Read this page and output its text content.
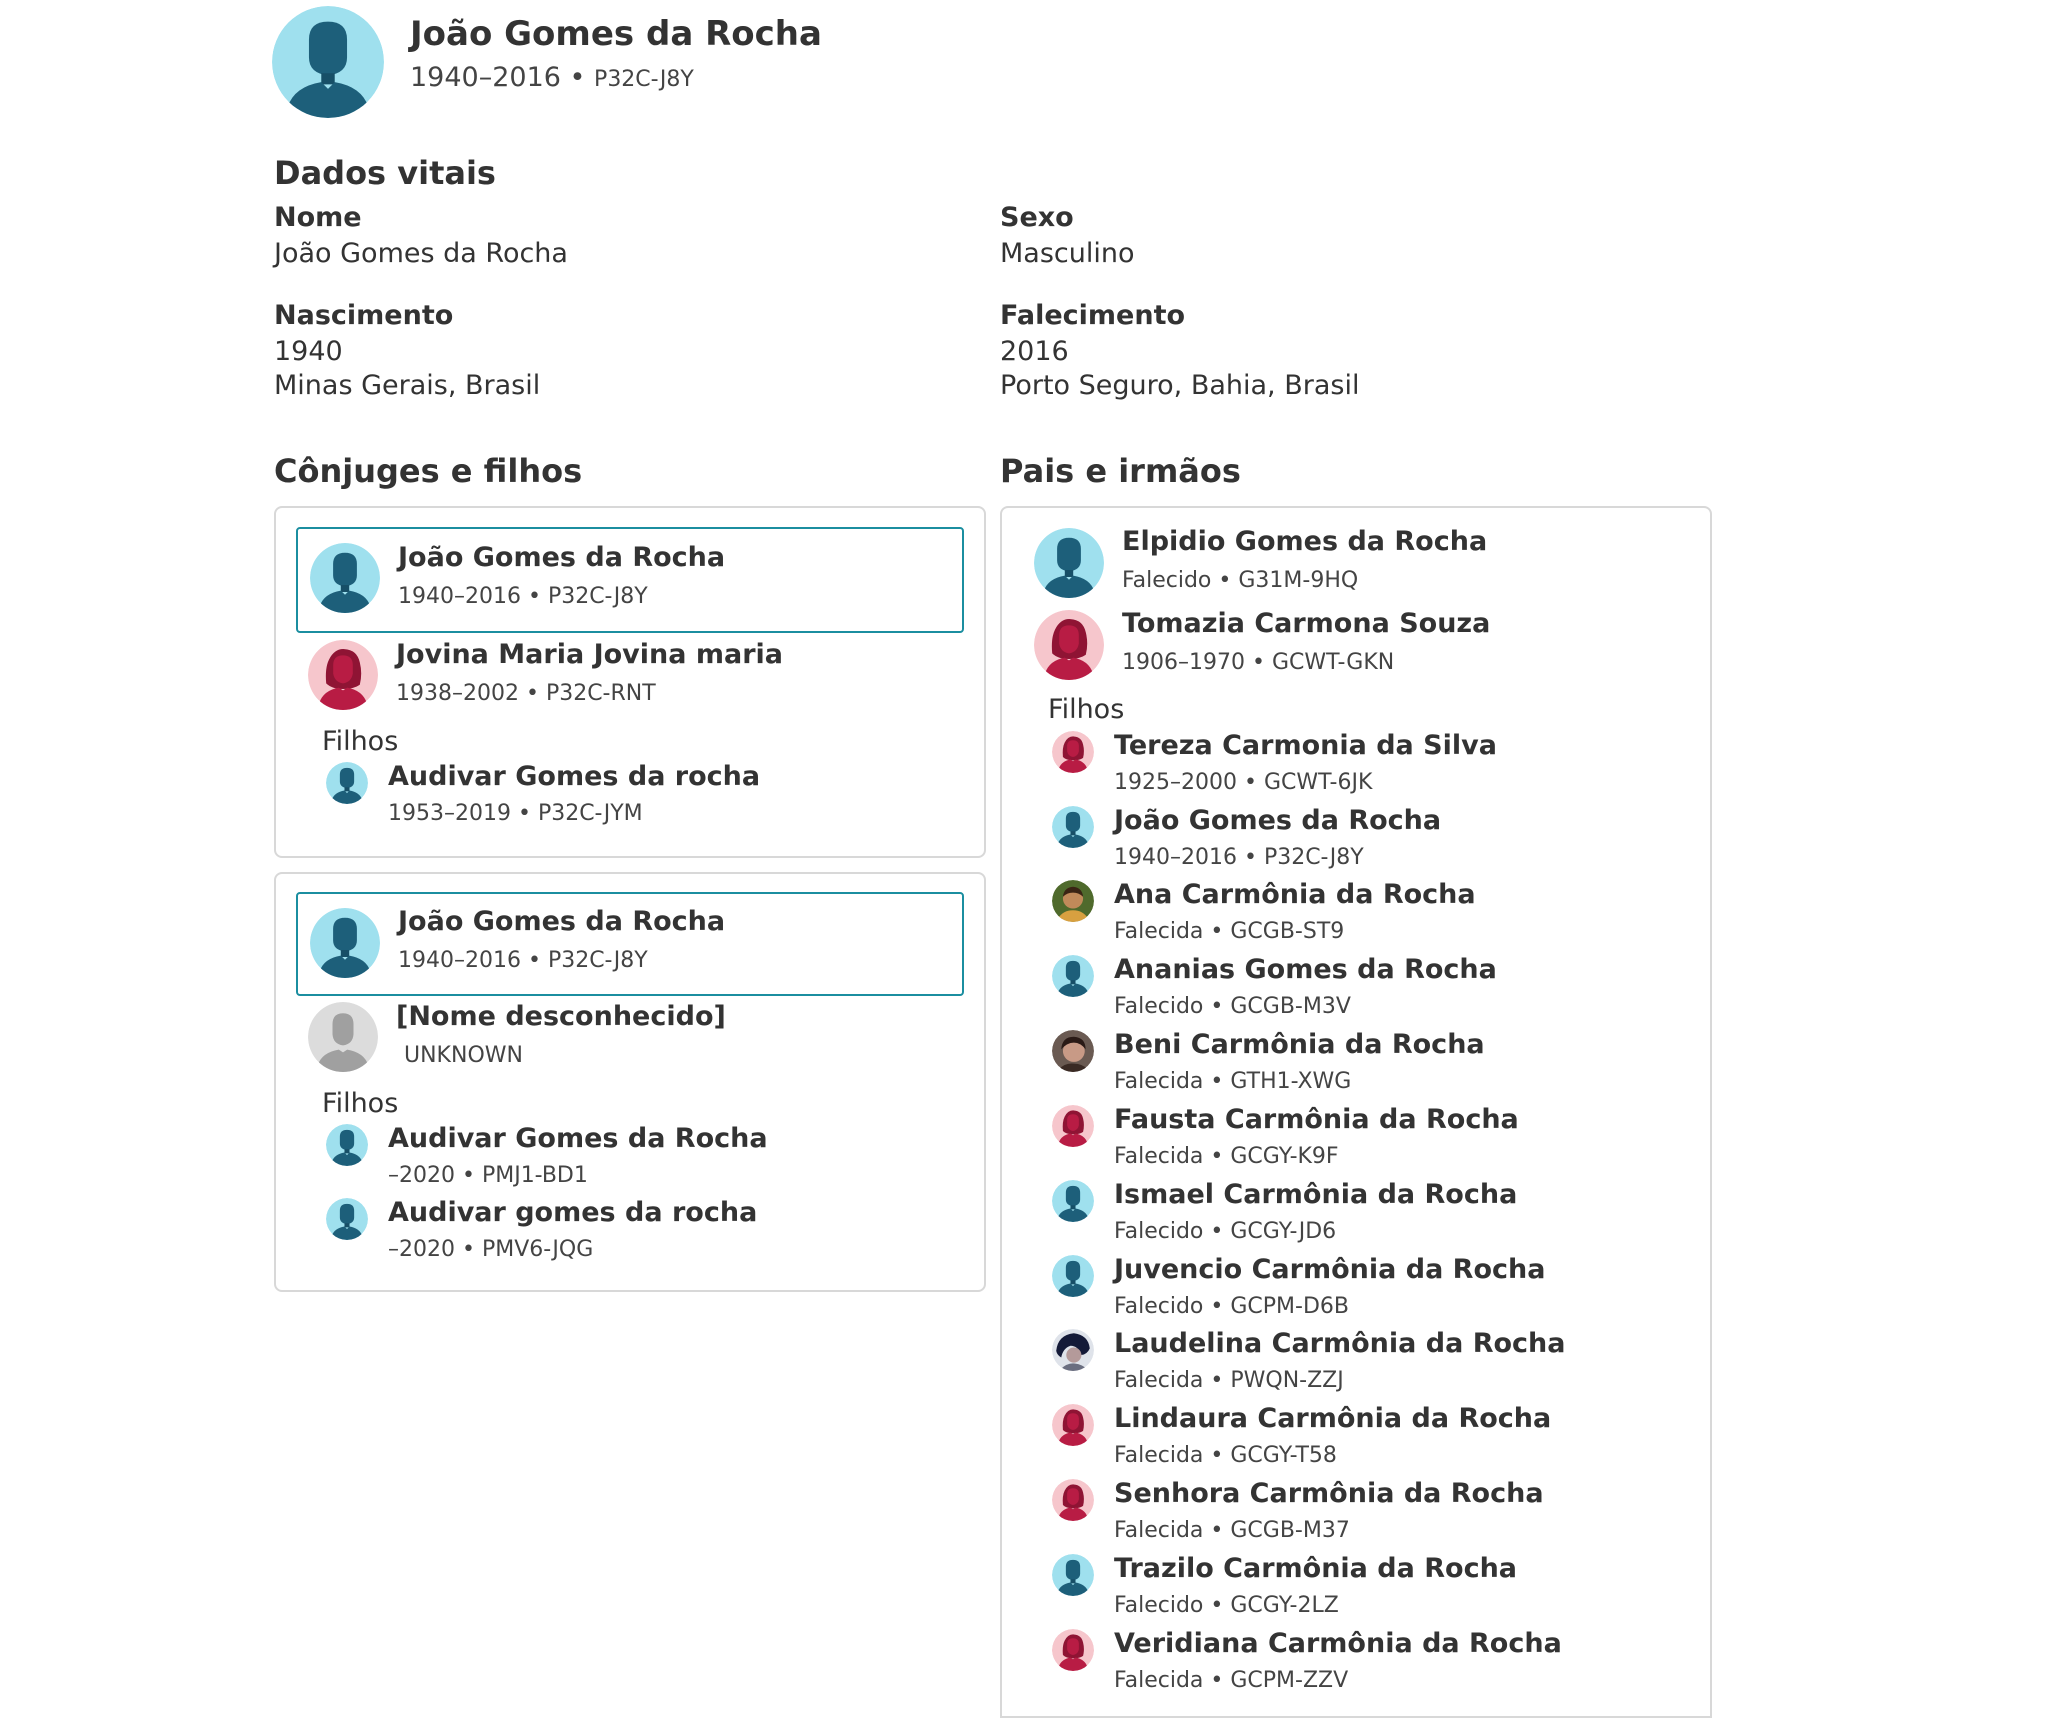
João Gomes da Rocha
1940–2016 • P32C-J8Y
Dados vitais
Nome
João Gomes da Rocha
Sexo
Masculino
Nascimento
1940
Minas Gerais, Brasil
Falecimento
2016
Porto Seguro, Bahia, Brasil
Cônjuges e filhos
João Gomes da Rocha
1940–2016 • P32C-J8Y
Jovina Maria Jovina maria
1938–2002 • P32C-RNT
Filhos
Audivar Gomes da rocha
1953–2019 • P32C-JYM
João Gomes da Rocha
1940–2016 • P32C-J8Y
[Nome desconhecido]
UNKNOWN
Filhos
Audivar Gomes da Rocha
–2020 • PMJ1-BD1
Audivar gomes da rocha
–2020 • PMV6-JQG
Pais e irmãos
Elpidio Gomes da Rocha
Falecido • G31M-9HQ
Tomazia Carmona Souza
1906–1970 • GCWT-GKN
Filhos
Tereza Carmonia da Silva
1925–2000 • GCWT-6JK
João Gomes da Rocha
1940–2016 • P32C-J8Y
Ana Carmônia da Rocha
Falecida • GCGB-ST9
Ananias Gomes da Rocha
Falecido • GCGB-M3V
Beni Carmônia da Rocha
Falecida • GTH1-XWG
Fausta Carmônia da Rocha
Falecida • GCGY-K9F
Ismael Carmônia da Rocha
Falecido • GCGY-JD6
Juvencio Carmônia da Rocha
Falecido • GCPM-D6B
Laudelina Carmônia da Rocha
Falecida • PWQN-ZZJ
Lindaura Carmônia da Rocha
Falecida • GCGY-T58
Senhora Carmônia da Rocha
Falecida • GCGB-M37
Trazilo Carmônia da Rocha
Falecido • GCGY-2LZ
Veridiana Carmônia da Rocha
Falecida • GCPM-ZZV
